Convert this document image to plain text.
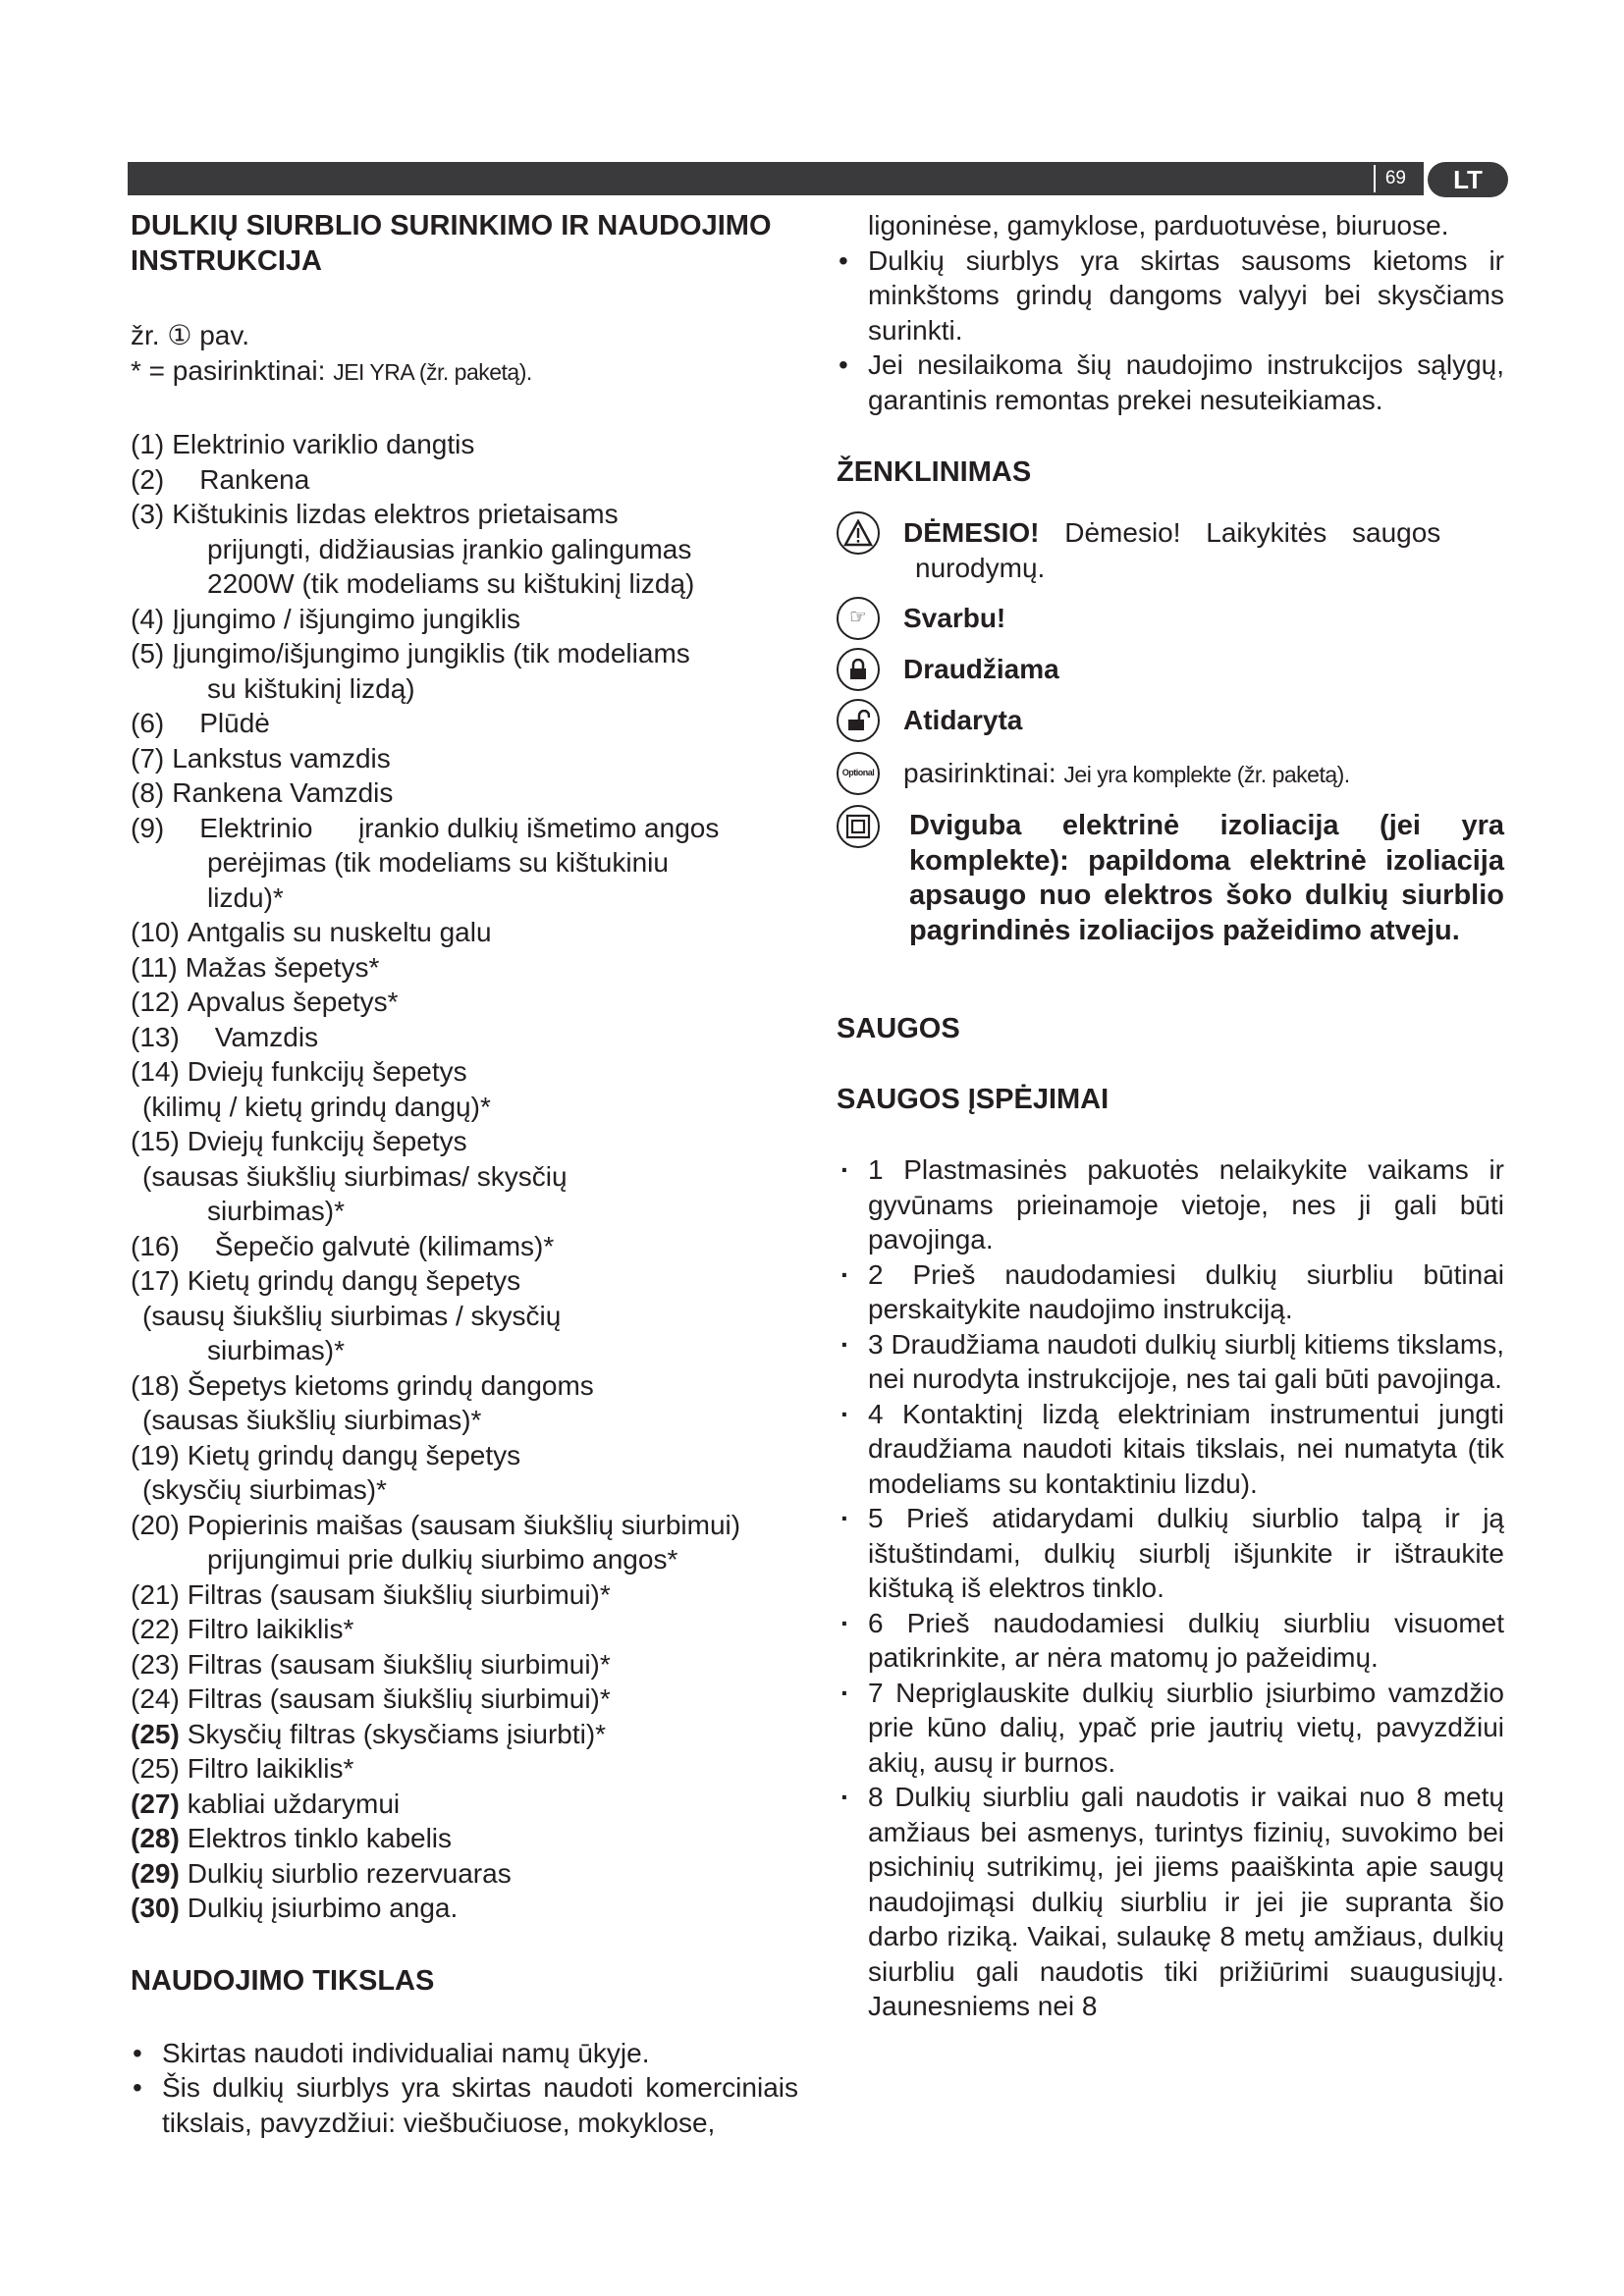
69	LT
DULKIŲ SIURBLIO SURINKIMO IR NAUDOJIMO INSTRUKCIJA
žr. ① pav.
* = pasirinktinai: JEI YRA (žr. paketą).
(1) Elektrinio variklio dangtis
(2)	Rankena
(3) Kištukinis lizdas elektros prietaisams
prijungti, didžiausias įrankio galingumas
2200W (tik modeliams su kištukinį lizdą)
(4) Įjungimo / išjungimo jungiklis
(5) Įjungimo/išjungimo jungiklis (tik modeliams
su kištukinį lizdą)
(6)	Plūdė
(7) Lankstus vamzdis
(8) Rankena Vamzdis
(9)	Elektrinio      įrankio dulkių išmetimo angos
perėjimas (tik modeliams su kištukiniu
lizdu)*
(10) Antgalis su nuskeltu galu
(11) Mažas šepetys*
(12) Apvalus šepetys*
(13)	Vamzdis
(14) Dviejų funkcijų šepetys
(kilimų / kietų grindų dangų)*
(15) Dviejų funkcijų šepetys
(sausas šiukšlių siurbimas/ skysčių
siurbimas)*
(16)	Šepečio galvutė (kilimams)*
(17) Kietų grindų dangų šepetys
(sausų šiukšlių siurbimas / skysčių
siurbimas)*
(18) Šepetys kietoms grindų dangoms
(sausas šiukšlių siurbimas)*
(19) Kietų grindų dangų šepetys
(skysčių siurbimas)*
(20) Popierinis maišas (sausam šiukšlių siurbimui)
prijungimui prie dulkių siurbimo angos*
(21) Filtras (sausam šiukšlių siurbimui)*
(22) Filtro laikiklis*
(23) Filtras (sausam šiukšlių siurbimui)*
(24) Filtras (sausam šiukšlių siurbimui)*
(25) Skysčių filtras (skysčiams įsiurbti)*
(25) Filtro laikiklis*
(27) kabliai uždarymui
(28) Elektros tinklo kabelis
(29) Dulkių siurblio rezervuaras
(30) Dulkių įsiurbimo anga.
NAUDOJIMO TIKSLAS
• Skirtas naudoti individualiai namų ūkyje.
• Šis dulkių siurblys yra skirtas naudoti komerciniais tikslais, pavyzdžiui: viešbučiuose, mokyklose,
ligoninėse, gamyklose, parduotuvėse, biuruose.
• Dulkių siurblys yra skirtas sausoms kietoms ir minkštoms grindų dangoms valyyi bei skysčiams surinkti.
• Jei nesilaikoma šių naudojimo instrukcijos sąlygų, garantinis remontas prekei nesuteikiamas.
ŽENKLINIMAS
DĖMESIO! Dėmesio! Laikykitės saugos
nurodymų.
☞	Svarbu!
Draudžiama
Atidaryta
Optional pasirinktinai: Jei yra komplekte (žr. paketą).
Dviguba elektrinė izoliacija (jei yra komplekte): papildoma elektrinė izoliacija apsaugo nuo elektros šoko dulkių siurblio pagrindinės izoliacijos pažeidimo atveju.
SAUGOS
SAUGOS ĮSPĖJIMAI
· 1 Plastmasinės pakuotės nelaikykite vaikams ir gyvūnams prieinamoje vietoje, nes ji gali būti pavojinga.
· 2 Prieš naudodamiesi dulkių siurbliu būtinai perskaitykite naudojimo instrukciją.
· 3 Draudžiama naudoti dulkių siurblį kitiems tikslams, nei nurodyta instrukcijoje, nes tai gali būti pavojinga.
· 4 Kontaktinį lizdą elektriniam instrumentui jungti draudžiama naudoti kitais tikslais, nei numatyta (tik modeliams su kontaktiniu lizdu).
· 5 Prieš atidarydami dulkių siurblio talpą ir ją ištuštindami, dulkių siurblį išjunkite ir ištraukite kištuką iš elektros tinklo.
· 6 Prieš naudodamiesi dulkių siurbliu visuomet patikrinkite, ar nėra matomų jo pažeidimų.
· 7 Nepriglauskite dulkių siurblio įsiurbimo vamzdžio prie kūno dalių, ypač prie jautrių vietų, pavyzdžiui akių, ausų ir burnos.
· 8 Dulkių siurbliu gali naudotis ir vaikai nuo 8 metų amžiaus bei asmenys, turintys fizinių, suvokimo bei psichinių sutrikimų, jei jiems paaiškinta apie saugų naudojimąsi dulkių siurbliu ir jei jie supranta šio darbo riziką. Vaikai, sulaukę 8 metų amžiaus, dulkių siurbliu gali naudotis tiki prižiūrimi suaugusiųjų. Jaunesniems nei 8
